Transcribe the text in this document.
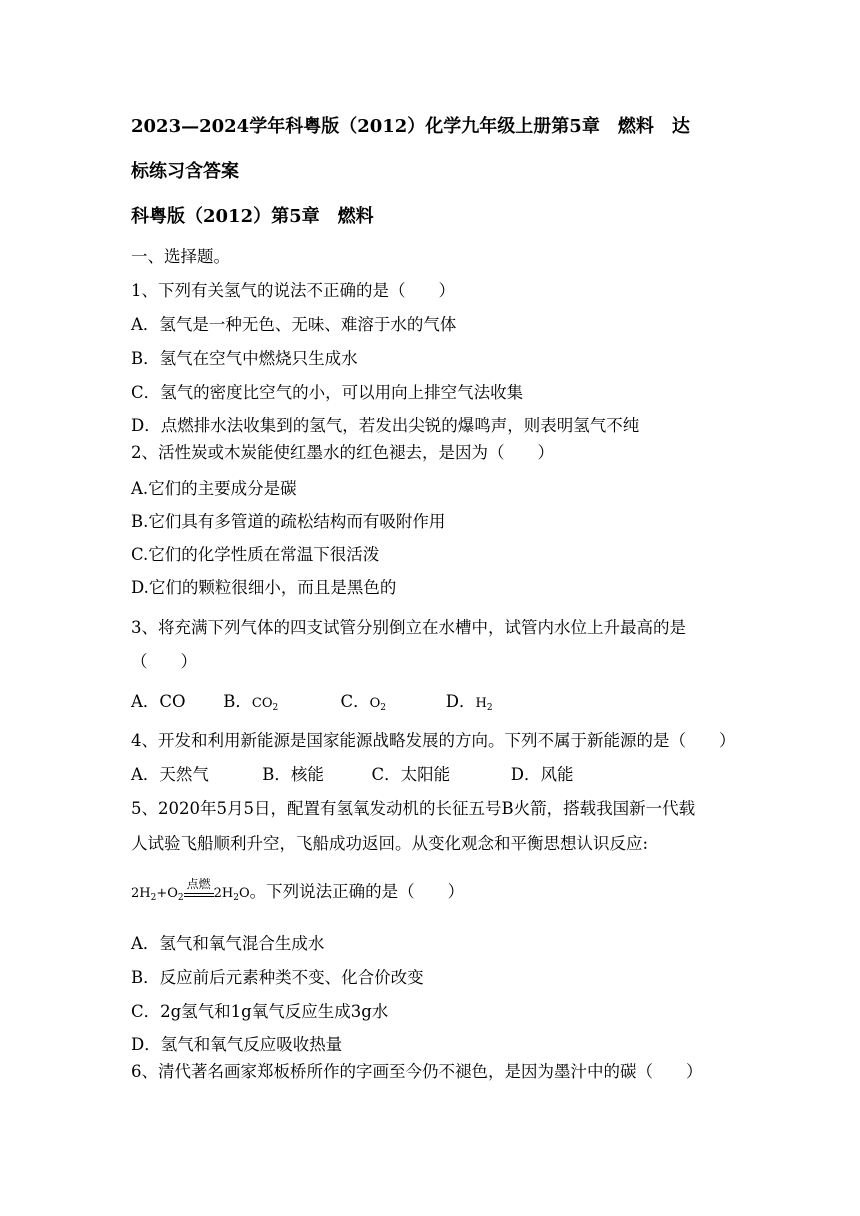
2023—2024学年科粤版（2012）化学九年级上册第5章　燃料　达
标练习含答案
科粤版（2012）第5章　燃料
一、选择题。
1、下列有关氢气的说法不正确的是（　　）
A．氢气是一种无色、无味、难溶于水的气体
B．氢气在空气中燃烧只生成水
C．氢气的密度比空气的小，可以用向上排空气法收集
D．点燃排水法收集到的氢气，若发出尖锐的爆鸣声，则表明氢气不纯
2、活性炭或木炭能使红墨水的红色褪去，是因为（　　）
A.它们的主要成分是碳
B.它们具有多管道的疏松结构而有吸附作用
C.它们的化学性质在常温下很活泼
D.它们的颗粒很细小，而且是黑色的
3、将充满下列气体的四支试管分别倒立在水槽中，试管内水位上升最高的是
（　　）
A．CO B．$CO_2$	C．$O_2$	D．$H_2$
4、开发和利用新能源是国家能源战略发展的方向。下列不属于新能源的是（　　）
A．天然气	B．核能	C．太阳能	D．风能
5、2020年5月5日，配置有氢氧发动机的长征五号B火箭，搭载我国新一代载
人试验飞船顺利升空，飞船成功返回。从变化观念和平衡思想认识反应:
$2H_2+O_2$
点燃
$2H_2O$。下列说法正确的是（　　）
A．氢气和氧气混合生成水
B．反应前后元素种类不变、化合价改变
C．2g氢气和1g氧气反应生成3g水
D．氢气和氧气反应吸收热量
6、清代著名画家郑板桥所作的字画至今仍不褪色，是因为墨汁中的碳（　　）
